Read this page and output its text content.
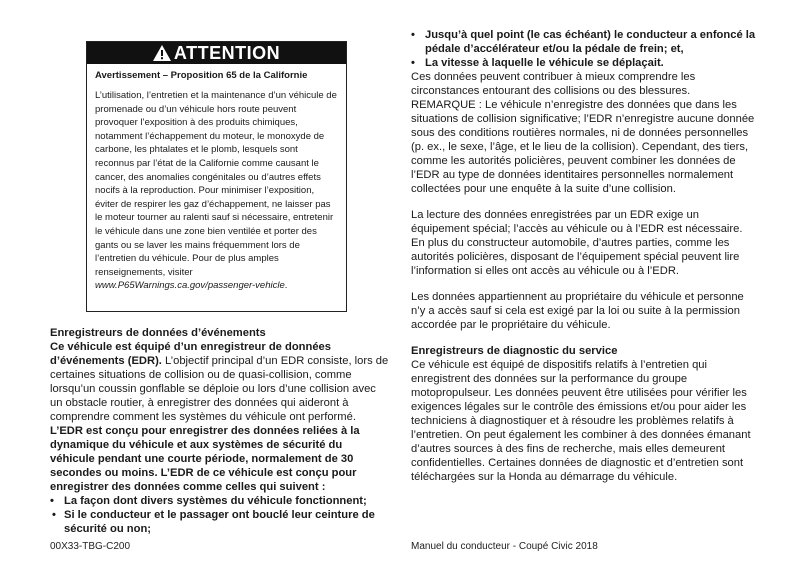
ATTENTION
Avertissement – Proposition 65 de la Californie
L’utilisation, l’entretien et la maintenance d’un véhicule de promenade ou d’un véhicule hors route peuvent provoquer l’exposition à des produits chimiques, notamment l’échappement du moteur, le monoxyde de carbone, les phtalates et le plomb, lesquels sont reconnus par l’état de la Californie comme causant le cancer, des anomalies congénitales ou d’autres effets nocifs à la reproduction. Pour minimiser l’exposition, éviter de respirer les gaz d’échappement, ne laisser pas le moteur tourner au ralenti sauf si nécessaire, entretenir le véhicule dans une zone bien ventilée et porter des gants ou se laver les mains fréquemment lors de l’entretien du véhicule. Pour de plus amples renseignements, visiter www.P65Warnings.ca.gov/passenger-vehicle.

Enregistreurs de données d’événements

Ce véhicule est équipé d’un enregistreur de données d’événements (EDR). L’objectif principal d’un EDR consiste, lors de certaines situations de collision ou de quasi-collision, comme lorsqu’un coussin gonflable se déploie ou lors d’une collision avec un obstacle routier, à enregistrer des données qui aideront à comprendre comment les systèmes du véhicule ont performé.

L’EDR est conçu pour enregistrer des données reliées à la dynamique du véhicule et aux systèmes de sécurité du véhicule pendant une courte période, normalement de 30 secondes ou moins. L’EDR de ce véhicule est conçu pour enregistrer des données comme celles qui suivent :

• La façon dont divers systèmes du véhicule fonctionnent;

• Si le conducteur et le passager ont bouclé leur ceinture de sécurité ou non;

• Jusqu’à quel point (le cas échéant) le conducteur a enfoncé la pédale d’accélérateur et/ou la pédale de frein; et,

• La vitesse à laquelle le véhicule se déplaçait.

Ces données peuvent contribuer à mieux comprendre les circonstances entourant des collisions ou des blessures. REMARQUE : Le véhicule n’enregistre des données que dans les situations de collision significative; l’EDR n’enregistre aucune donnée sous des conditions routières normales, ni de données personnelles (p. ex., le sexe, l’âge, et le lieu de la collision). Cependant, des tiers, comme les autorités policières, peuvent combiner les données de l’EDR au type de données identitaires personnelles normalement collectées pour une enquête à la suite d’une collision.

La lecture des données enregistrées par un EDR exige un équipement spécial; l’accès au véhicule ou à l’EDR est nécessaire. En plus du constructeur automobile, d’autres parties, comme les autorités policières, disposant de l’équipement spécial peuvent lire l’information si elles ont accès au véhicule ou à l’EDR.

Les données appartiennent au propriétaire du véhicule et personne n’y a accès sauf si cela est exigé par la loi ou suite à la permission accordée par le propriétaire du véhicule.

Enregistreurs de diagnostic du service

Ce véhicule est équipé de dispositifs relatifs à l’entretien qui enregistrent des données sur la performance du groupe motopropulseur. Les données peuvent être utilisées pour vérifier les exigences légales sur le contrôle des émissions et/ou pour aider les techniciens à diagnostiquer et à résoudre les problèmes relatifs à l’entretien. On peut également les combiner à des données émanant d’autres sources à des fins de recherche, mais elles demeurent confidentielles. Certaines données de diagnostic et d’entretien sont téléchargées sur la Honda au démarrage du véhicule.

00X33-TBG-C200	Manuel du conducteur - Coupé Civic 2018
